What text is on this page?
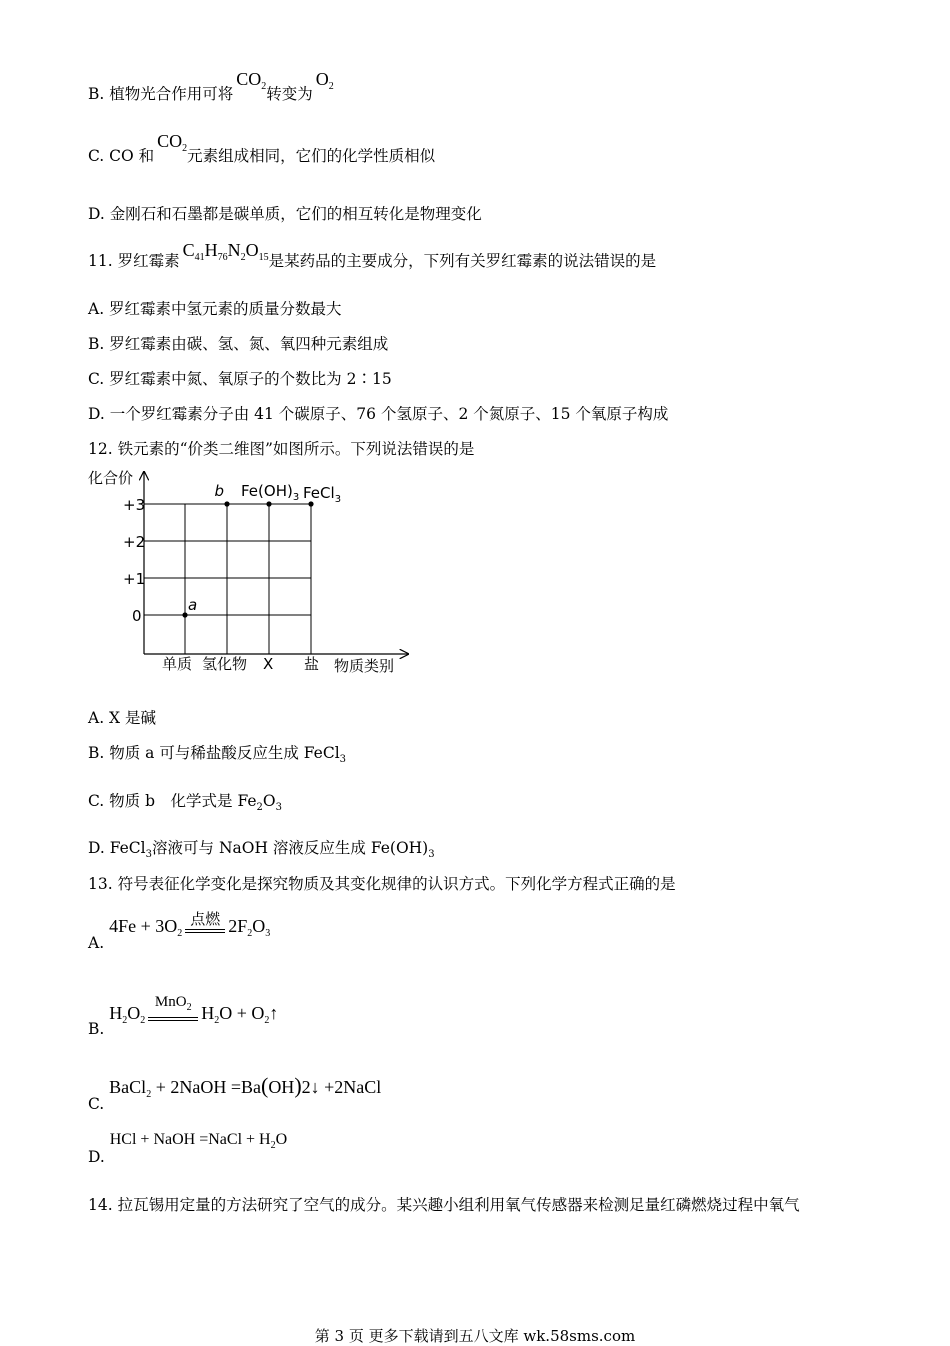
B. 植物光合作用可将$CO_2$转变为$O_2$
C. CO 和$CO_2$元素组成相同，它们的化学性质相似
D. 金刚石和石墨都是碳单质，它们的相互转化是物理变化
11. 罗红霉素$C_{41}H_{76}N_2O_{15}$是某药品的主要成分，下列有关罗红霉素的说法错误的是
A. 罗红霉素中氢元素的质量分数最大
B. 罗红霉素由碳、氢、氮、氧四种元素组成
C. 罗红霉素中氮、氧原子的个数比为 2∶15
D. 一个罗红霉素分子由 41 个碳原子、76 个氢原子、2 个氮原子、15 个氧原子构成
12. 铁元素的“价类二维图”如图所示。下列说法错误的是
化合价
+3
+2
+1
0
单质 氢化物 X 盐 物质类别
a
b $Fe(OH)_3$ FeCl$_3$
A. X 是碱
B. 物质 a 可与稀盐酸反应生成 FeCl$_3$
C. 物质 b　化学式是 $Fe_2O_3$
D. FeCl$_3$溶液可与 NaOH 溶液反应生成 $Fe(OH)_3$
13. 符号表征化学变化是探究物质及其变化规律的认识方式。下列化学方程式正确的是
A. $4Fe + 3O_2$
点燃 $2F_2O_3$
B. $H_2O_2$
MnO$_2$ $H_2O$ + $O_2↑$
C. BaCl$_2$ + 2NaOH =Ba(OH)2↓ +2NaCl
D. HCl + NaOH =NaCl + $H_2O$
14. 拉瓦锡用定量的方法研究了空气的成分。某兴趣小组利用氧气传感器来检测足量红磷燃烧过程中氧气
第 3 页 更多下载请到五八文库 wk.58sms.com
